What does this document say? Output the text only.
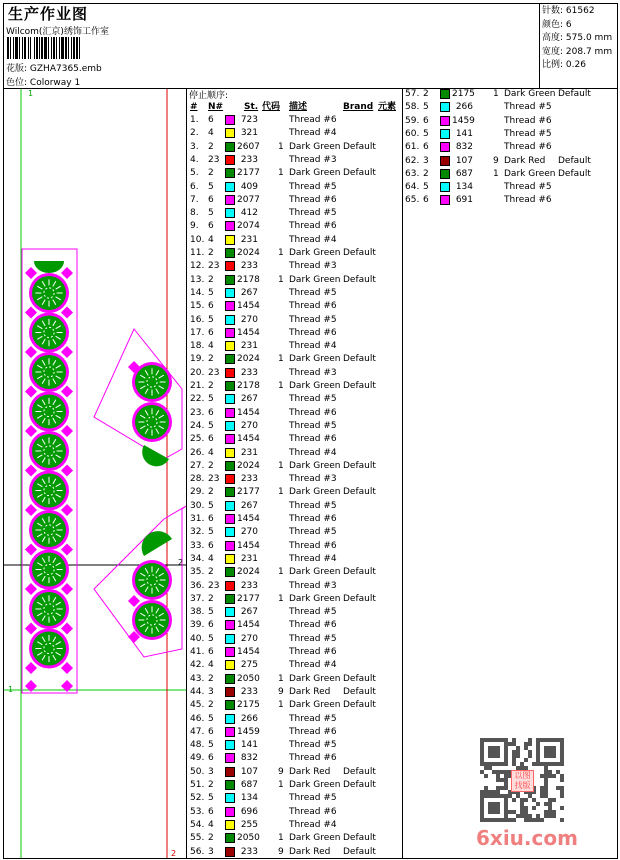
生产作业图
Wilcom(汇京)绣饰工作室
花版: GZHA7365.emb
色位: Colorway 1
针数: 61562
颜色: 6
高度: 575.0 mm
宽度: 208.7 mm
比例: 0.26
1
1
2
2
停止顺序:
# N# St. 代码 描述	Brand 元素
1. 6	723	Thread #6
2. 4	321	Thread #4
3. 2	2607 1 Dark Green Default
4. 23	233	Thread #3
5. 2	2177 1 Dark Green Default
6. 5	409	Thread #5
7. 6	2077	Thread #6
8. 5	412	Thread #5
9. 6	2074	Thread #6
10. 4	231	Thread #4
11. 2	2024 1 Dark Green Default
12. 23	233	Thread #3
13. 2	2178 1 Dark Green Default
14. 5	267	Thread #5
15. 6	1454	Thread #6
16. 5	270	Thread #5
17. 6	1454	Thread #6
18. 4	231	Thread #4
19. 2	2024 1 Dark Green Default
20. 23	233	Thread #3
21. 2	2178 1 Dark Green Default
22. 5	267	Thread #5
23. 6	1454	Thread #6
24. 5	270	Thread #5
25. 6	1454	Thread #6
26. 4	231	Thread #4
27. 2	2024 1 Dark Green Default
28. 23	233	Thread #3
29. 2	2177 1 Dark Green Default
30. 5	267	Thread #5
31. 6	1454	Thread #6
32. 5	270	Thread #5
33. 6	1454	Thread #6
34. 4	231	Thread #4
35. 2	2024 1 Dark Green Default
36. 23	233	Thread #3
37. 2	2177 1 Dark Green Default
38. 5	267	Thread #5
39. 6	1454	Thread #6
40. 5	270	Thread #5
41. 6	1454	Thread #6
42. 4	275	Thread #4
43. 2	2050 1 Dark Green Default
44. 3	233 9 Dark Red Default
45. 2	2175 1 Dark Green Default
46. 5	266	Thread #5
47. 6	1459	Thread #6
48. 5	141	Thread #5
49. 6	832	Thread #6
50. 3	107 9 Dark Red Default
51. 2	687 1 Dark Green Default
52. 5	134	Thread #5
53. 6	696	Thread #6
54. 4	255	Thread #4
55. 2	2050 1 Dark Green Default
56. 3	233 9 Dark Red Default
57. 2	2175 1 Dark Green Default
58. 5	266	Thread #5
59. 6	1459	Thread #6
60. 5	141	Thread #5
61. 6	832	Thread #6
62. 3	107 9 Dark Red Default
63. 2	687 1 Dark Green Default
64. 5	134	Thread #5
65. 6	691	Thread #6
以图找版
6xiu.com
